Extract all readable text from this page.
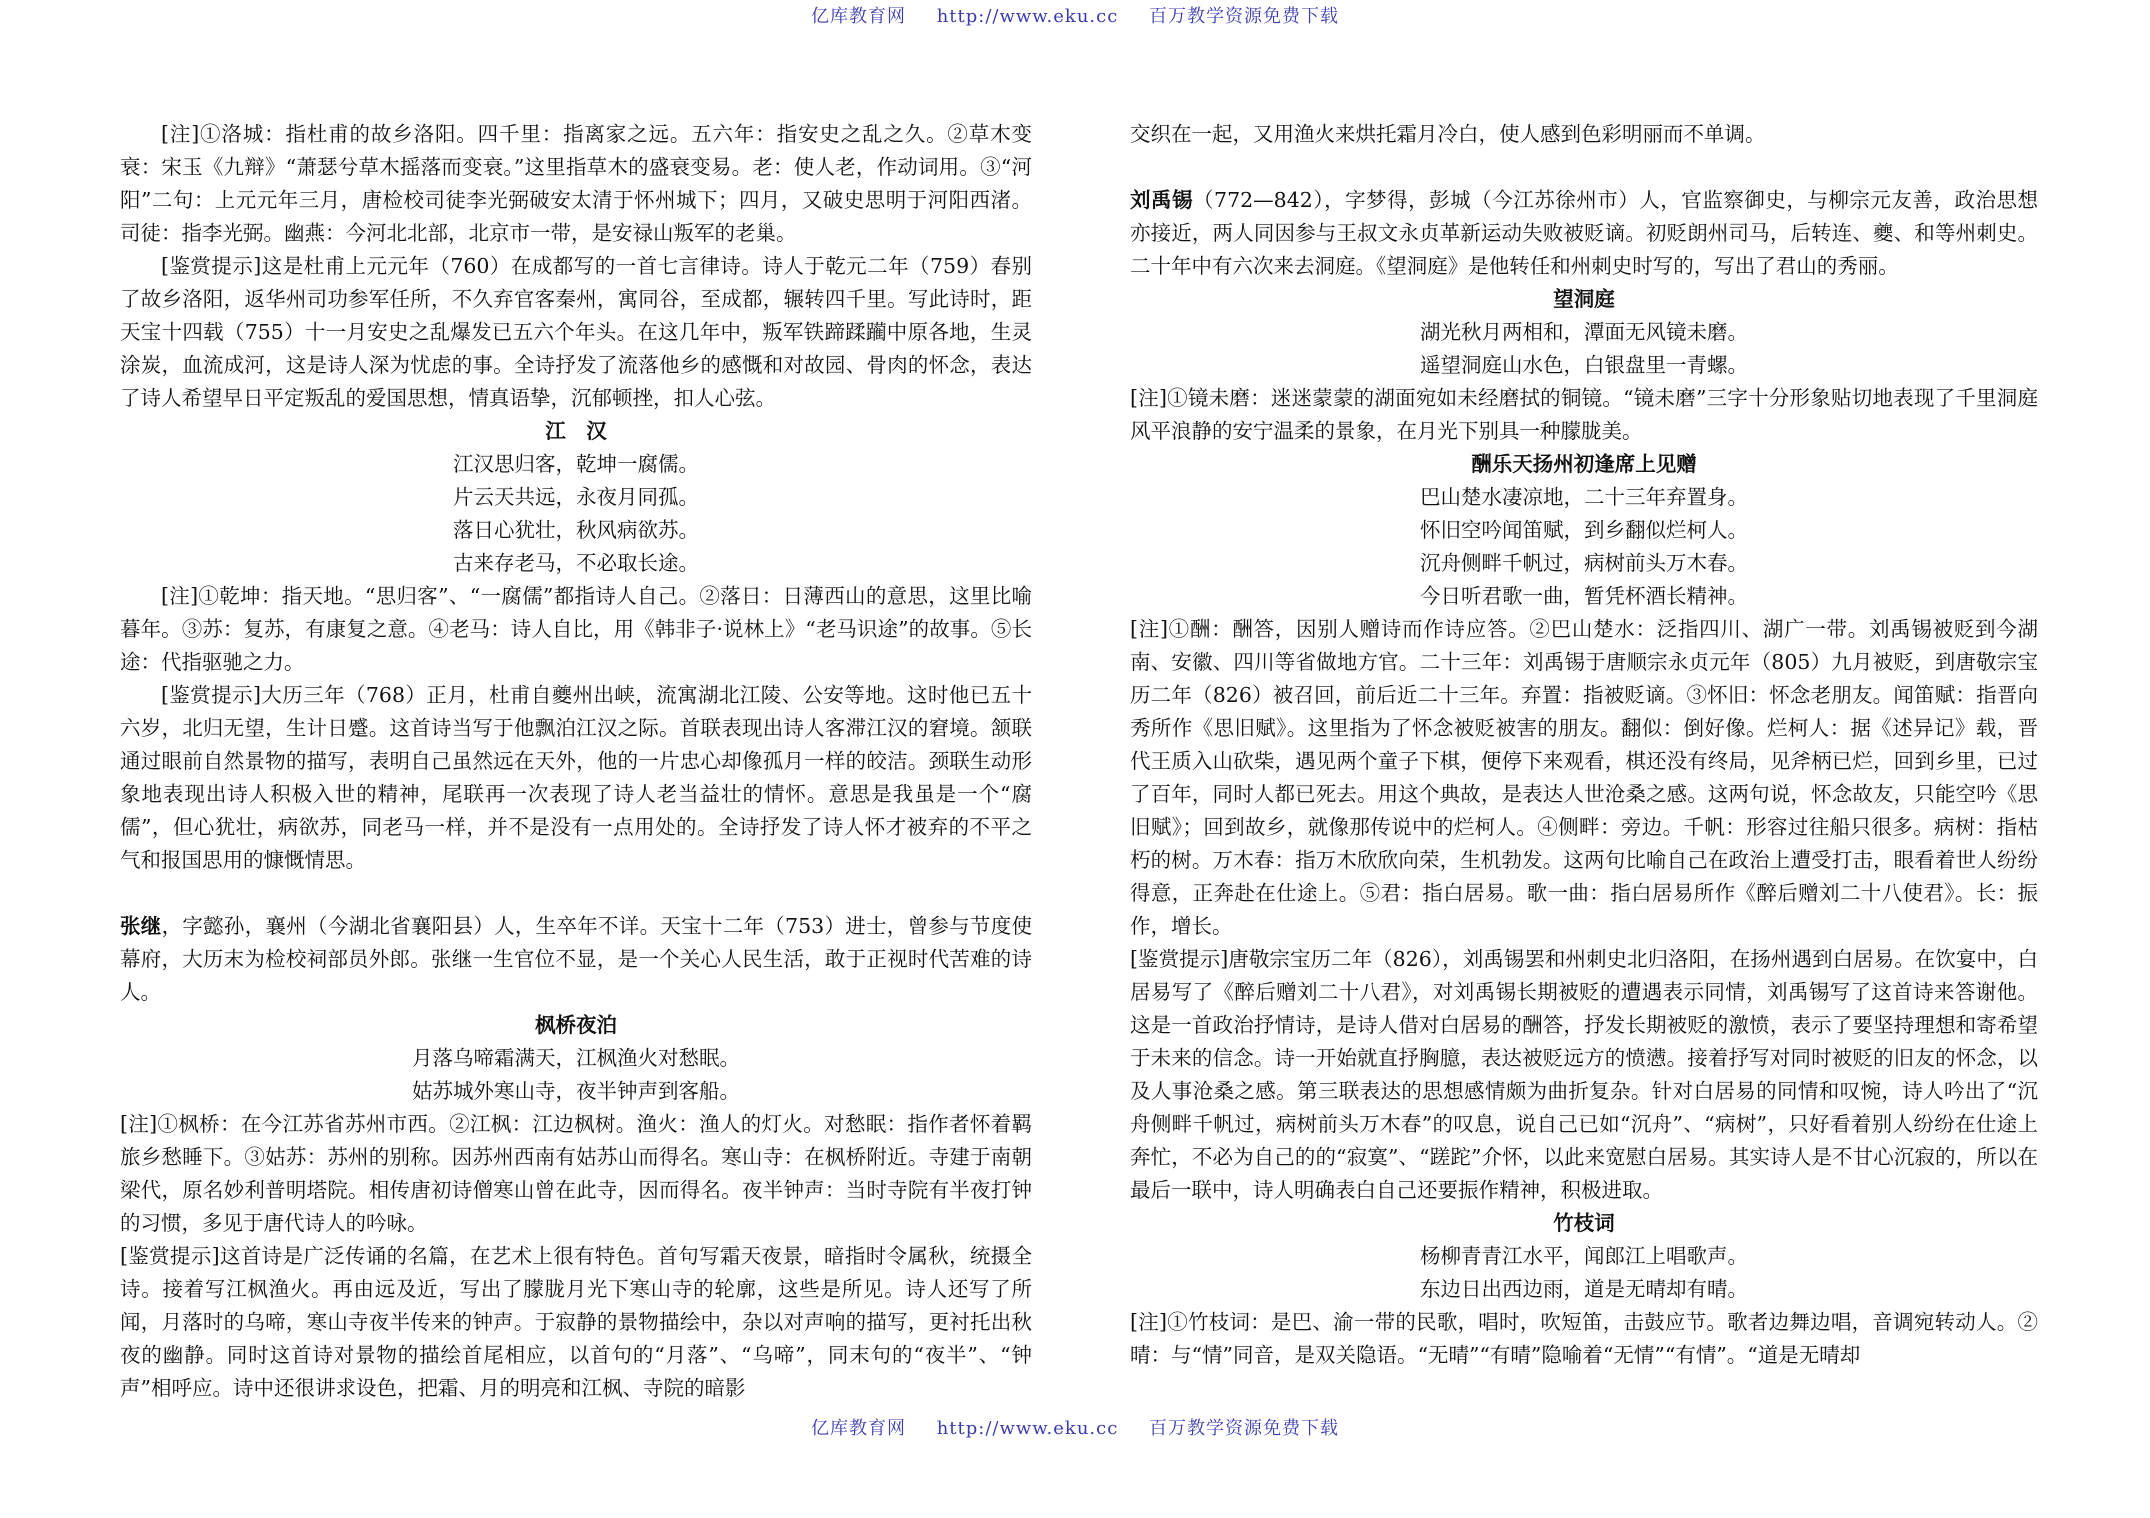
亿库教育网 http://www.eku.cc 百万教学资源免费下载

[注]①洛城：指杜甫的故乡洛阳。四千里：指离家之远。五六年：指安史之乱之久。②草木变衰：宋玉《九辩》“萧瑟兮草木摇落而变衰。”这里指草木的盛衰变易。老：使人老，作动词用。③“河阳”二句：上元元年三月，唐检校司徒李光弼破安太清于怀州城下；四月，又破史思明于河阳西渚。司徒：指李光弼。幽燕：今河北北部，北京市一带，是安禄山叛军的老巢。

[鉴赏提示]这是杜甫上元元年（760）在成都写的一首七言律诗。诗人于乾元二年（759）春别了故乡洛阳，返华州司功参军任所，不久弃官客秦州，寓同谷，至成都，辗转四千里。写此诗时，距天宝十四载（755）十一月安史之乱爆发已五六个年头。在这几年中，叛军铁蹄蹂躏中原各地，生灵涂炭，血流成河，这是诗人深为忧虑的事。全诗抒发了流落他乡的感慨和对故园、骨肉的怀念，表达了诗人希望早日平定叛乱的爱国思想，情真语挚，沉郁顿挫，扣人心弦。

江　汉
江汉思归客，乾坤一腐儒。
片云天共远，永夜月同孤。
落日心犹壮，秋风病欲苏。
古来存老马，不必取长途。

[注]①乾坤：指天地。“思归客”、“一腐儒”都指诗人自己。②落日：日薄西山的意思，这里比喻暮年。③苏：复苏，有康复之意。④老马：诗人自比，用《韩非子·说林上》“老马识途”的故事。⑤长途：代指驱驰之力。

[鉴赏提示]大历三年（768）正月，杜甫自夔州出峡，流寓湖北江陵、公安等地。这时他已五十六岁，北归无望，生计日蹙。这首诗当写于他飘泊江汉之际。首联表现出诗人客滞江汉的窘境。颔联通过眼前自然景物的描写，表明自己虽然远在天外，他的一片忠心却像孤月一样的皎洁。颈联生动形象地表现出诗人积极入世的精神，尾联再一次表现了诗人老当益壮的情怀。意思是我虽是一个“腐儒”，但心犹壮，病欲苏，同老马一样，并不是没有一点用处的。全诗抒发了诗人怀才被弃的不平之气和报国思用的慷慨情思。

张继，字懿孙，襄州（今湖北省襄阳县）人，生卒年不详。天宝十二年（753）进士，曾参与节度使幕府，大历末为检校祠部员外郎。张继一生官位不显，是一个关心人民生活，敢于正视时代苦难的诗人。

枫桥夜泊
月落乌啼霜满天，江枫渔火对愁眠。
姑苏城外寒山寺，夜半钟声到客船。

[注]①枫桥：在今江苏省苏州市西。②江枫：江边枫树。渔火：渔人的灯火。对愁眠：指作者怀着羁旅乡愁睡下。③姑苏：苏州的别称。因苏州西南有姑苏山而得名。寒山寺：在枫桥附近。寺建于南朝梁代，原名妙利普明塔院。相传唐初诗僧寒山曾在此寺，因而得名。夜半钟声：当时寺院有半夜打钟的习惯，多见于唐代诗人的吟咏。

[鉴赏提示]这首诗是广泛传诵的名篇，在艺术上很有特色。首句写霜天夜景，暗指时令属秋，统摄全诗。接着写江枫渔火。再由远及近，写出了朦胧月光下寒山寺的轮廓，这些是所见。诗人还写了所闻，月落时的乌啼，寒山寺夜半传来的钟声。于寂静的景物描绘中，杂以对声响的描写，更衬托出秋夜的幽静。同时这首诗对景物的描绘首尾相应，以首句的“月落”、“乌啼”，同末句的“夜半”、“钟声”相呼应。诗中还很讲求设色，把霜、月的明亮和江枫、寺院的暗影

交织在一起，又用渔火来烘托霜月冷白，使人感到色彩明丽而不单调。

刘禹锡（772—842），字梦得，彭城（今江苏徐州市）人，官监察御史，与柳宗元友善，政治思想亦接近，两人同因参与王叔文永贞革新运动失败被贬谪。初贬朗州司马，后转连、夔、和等州刺史。二十年中有六次来去洞庭。《望洞庭》是他转任和州刺史时写的，写出了君山的秀丽。

望洞庭
湖光秋月两相和，潭面无风镜未磨。
遥望洞庭山水色，白银盘里一青螺。

[注]①镜未磨：迷迷蒙蒙的湖面宛如未经磨拭的铜镜。“镜未磨”三字十分形象贴切地表现了千里洞庭风平浪静的安宁温柔的景象，在月光下别具一种朦胧美。

酬乐天扬州初逢席上见赠
巴山楚水凄凉地，二十三年弃置身。
怀旧空吟闻笛赋，到乡翻似烂柯人。
沉舟侧畔千帆过，病树前头万木春。
今日听君歌一曲，暂凭杯酒长精神。

[注]①酬：酬答，因别人赠诗而作诗应答。②巴山楚水：泛指四川、湖广一带。刘禹锡被贬到今湖南、安徽、四川等省做地方官。二十三年：刘禹锡于唐顺宗永贞元年（805）九月被贬，到唐敬宗宝历二年（826）被召回，前后近二十三年。弃置：指被贬谪。③怀旧：怀念老朋友。闻笛赋：指晋向秀所作《思旧赋》。这里指为了怀念被贬被害的朋友。翻似：倒好像。烂柯人：据《述异记》载，晋代王质入山砍柴，遇见两个童子下棋，便停下来观看，棋还没有终局，见斧柄已烂，回到乡里，已过了百年，同时人都已死去。用这个典故，是表达人世沧桑之感。这两句说，怀念故友，只能空吟《思旧赋》；回到故乡，就像那传说中的烂柯人。④侧畔：旁边。千帆：形容过往船只很多。病树：指枯朽的树。万木春：指万木欣欣向荣，生机勃发。这两句比喻自己在政治上遭受打击，眼看着世人纷纷得意，正奔赴在仕途上。⑤君：指白居易。歌一曲：指白居易所作《醉后赠刘二十八使君》。长：振作，增长。

[鉴赏提示]唐敬宗宝历二年（826），刘禹锡罢和州刺史北归洛阳，在扬州遇到白居易。在饮宴中，白居易写了《醉后赠刘二十八君》，对刘禹锡长期被贬的遭遇表示同情，刘禹锡写了这首诗来答谢他。这是一首政治抒情诗，是诗人借对白居易的酬答，抒发长期被贬的激愤，表示了要坚持理想和寄希望于未来的信念。诗一开始就直抒胸臆，表达被贬远方的愤懑。接着抒写对同时被贬的旧友的怀念，以及人事沧桑之感。第三联表达的思想感情颇为曲折复杂。针对白居易的同情和叹惋，诗人吟出了“沉舟侧畔千帆过，病树前头万木春”的叹息，说自己已如“沉舟”、“病树”，只好看着别人纷纷在仕途上奔忙，不必为自己的的“寂寞”、“蹉跎”介怀，以此来宽慰白居易。其实诗人是不甘心沉寂的，所以在最后一联中，诗人明确表白自己还要振作精神，积极进取。

竹枝词
杨柳青青江水平，闻郎江上唱歌声。
东边日出西边雨，道是无晴却有晴。

[注]①竹枝词：是巴、渝一带的民歌，唱时，吹短笛，击鼓应节。歌者边舞边唱，音调宛转动人。②晴：与“情”同音，是双关隐语。“无晴”“有晴”隐喻着“无情”“有情”。“道是无晴却

亿库教育网 http://www.eku.cc 百万教学资源免费下载
